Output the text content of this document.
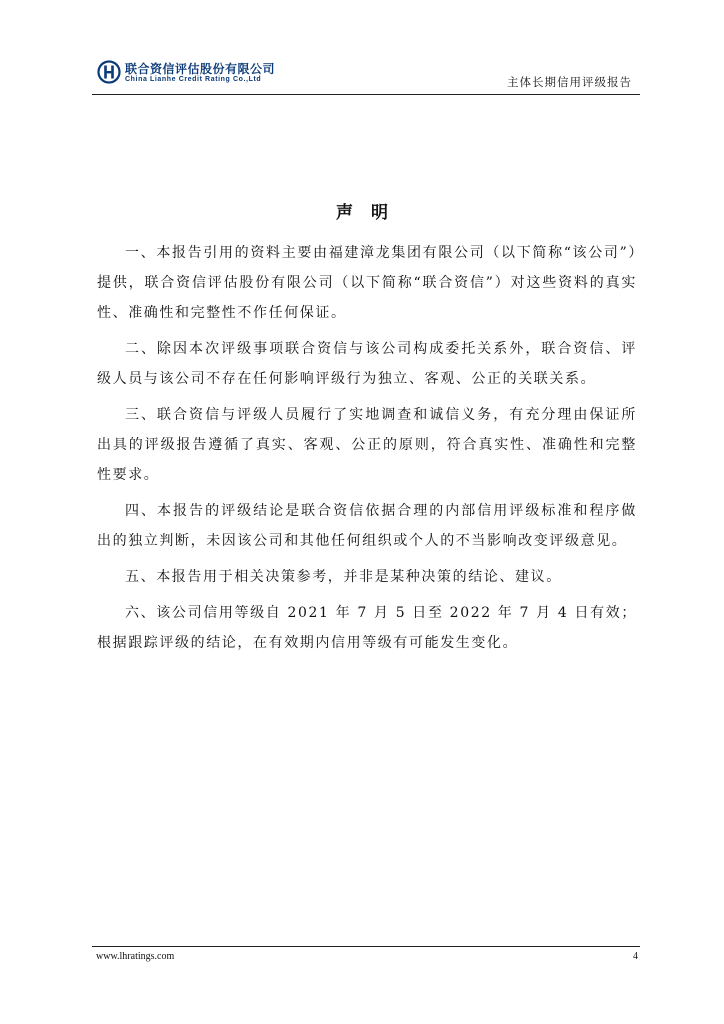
联合资信评估股份有限公司
China Lianhe Credit Rating Co.,Ltd	主体长期信用评级报告
声明

一、本报告引用的资料主要由福建漳龙集团有限公司（以下简称“该公司”）提供，联合资信评估股份有限公司（以下简称“联合资信”）对这些资料的真实性、准确性和完整性不作任何保证。

二、除因本次评级事项联合资信与该公司构成委托关系外，联合资信、评级人员与该公司不存在任何影响评级行为独立、客观、公正的关联关系。

三、联合资信与评级人员履行了实地调查和诚信义务，有充分理由保证所出具的评级报告遵循了真实、客观、公正的原则，符合真实性、准确性和完整性要求。

四、本报告的评级结论是联合资信依据合理的内部信用评级标准和程序做出的独立判断，未因该公司和其他任何组织或个人的不当影响改变评级意见。

五、本报告用于相关决策参考，并非是某种决策的结论、建议。

六、该公司信用等级自 2021 年 7 月 5 日至 2022 年 7 月 4 日有效；根据跟踪评级的结论，在有效期内信用等级有可能发生变化。

www.lhratings.com	4
